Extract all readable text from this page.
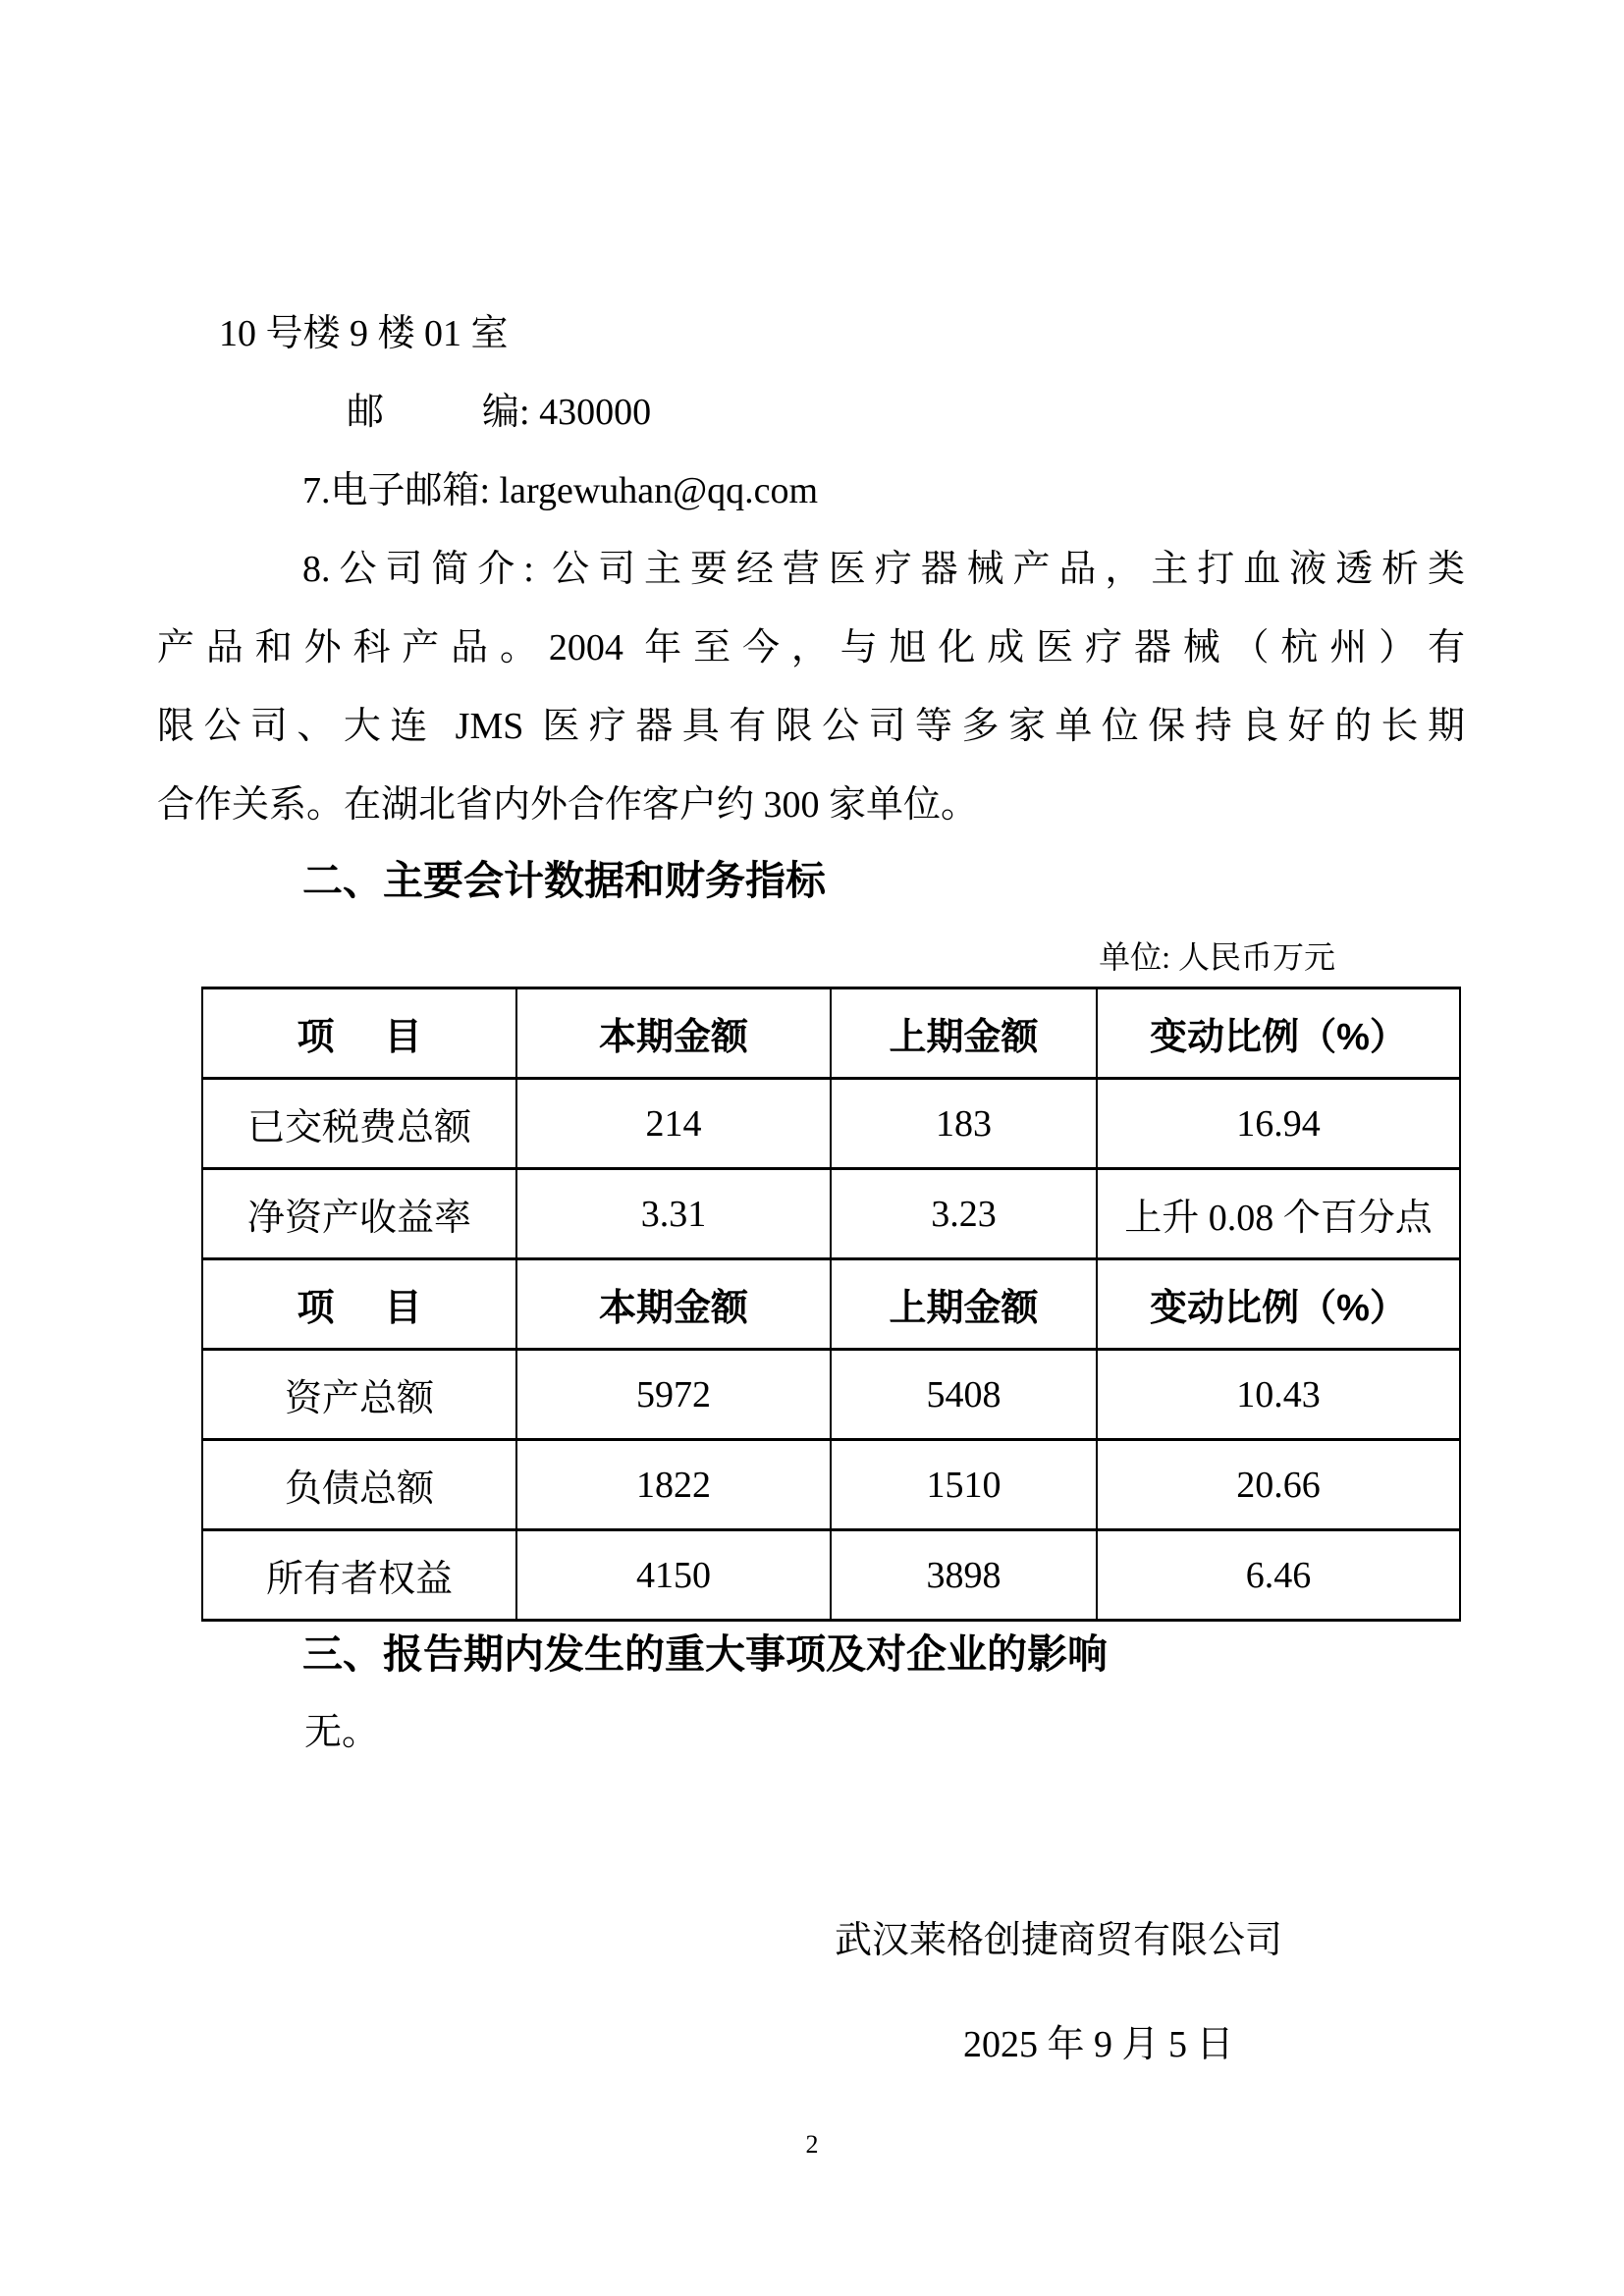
10 号楼 9 楼 01 室
邮	编: 430000
7.电子邮箱: largewuhan@qq.com
8.公司简介: 公司主要经营医疗器械产品，主打血液透析类
产品和外科产品。2004 年至今，与旭化成医疗器械（杭州）有
限公司、大连 JMS 医疗器具有限公司等多家单位保持良好的长期
合作关系。在湖北省内外合作客户约 300 家单位。
二、主要会计数据和财务指标
单位: 人民币万元
项  目	本期金额	上期金额	变动比例（%）
已交税费总额	214	183	16.94
净资产收益率	3.31	3.23	上升 0.08 个百分点
项  目	本期金额	上期金额	变动比例（%）
资产总额	5972	5408	10.43
负债总额	1822	1510	20.66
所有者权益	4150	3898	6.46
三、报告期内发生的重大事项及对企业的影响
无。
武汉莱格创捷商贸有限公司
2025 年 9 月 5 日
2
